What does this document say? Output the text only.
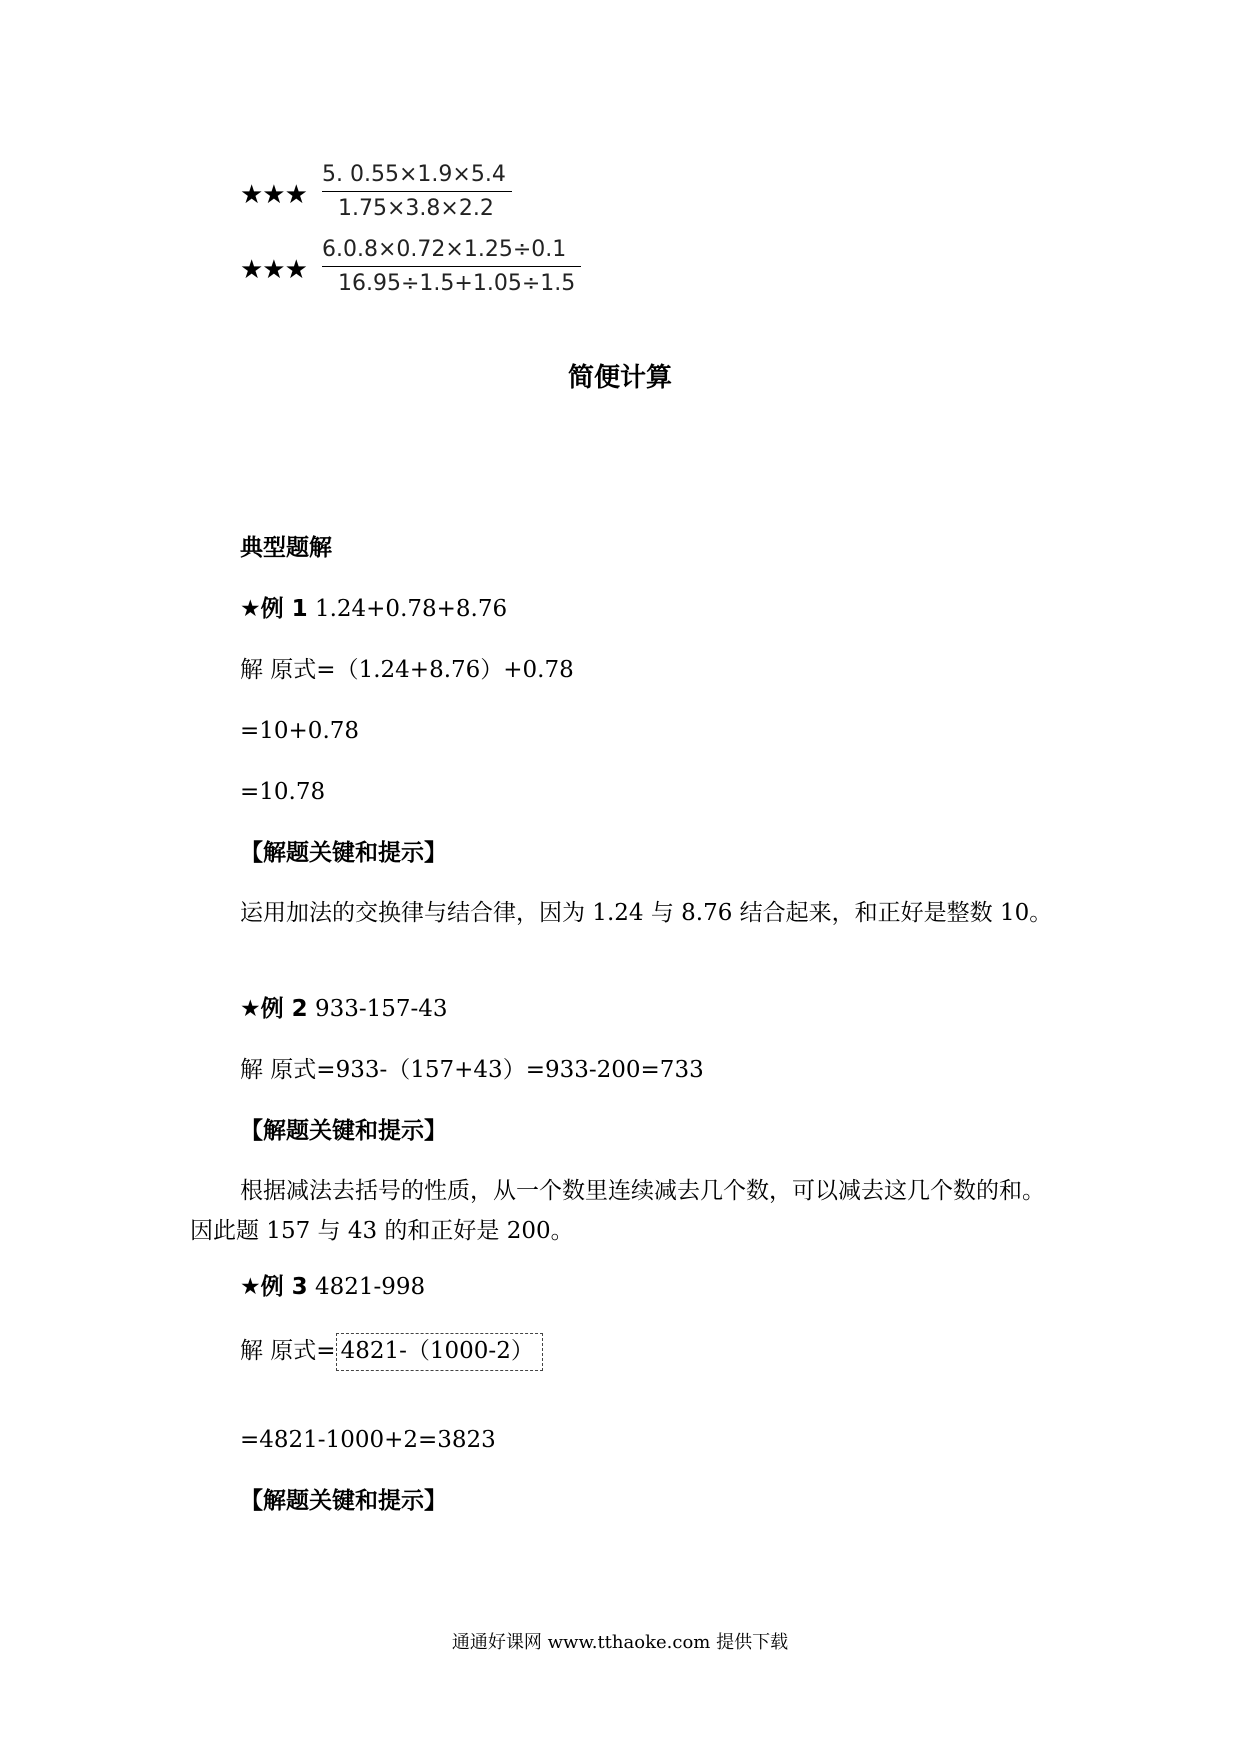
★★★ $\frac{5. 0.55\times 1.9\times 5.4}{1.75\times 3.8\times 2.2}$
★★★ $\frac{6.0.8\times 0.72\times 1.25\div 0.1}{16.95\div 1.5+1.05\div 1.5}$
简便计算
典型题解
★例 1 1.24+0.78+8.76
解 原式=（1.24+8.76）+0.78
=10+0.78
=10.78
【解题关键和提示】
运用加法的交换律与结合律，因为 1.24 与 8.76 结合起来，和正好是整数 10。
★例 2 933-157-43
解 原式=933-（157+43）=933-200=733
【解题关键和提示】
根据减法去括号的性质，从一个数里连续减去几个数，可以减去这几个数的和。因此题 157 与 43 的和正好是 200。
★例 3 4821-998
解 原式= 4821-（1000-2）
=4821-1000+2=3823
【解题关键和提示】
通通好课网 www.tthaoke.com 提供下载
